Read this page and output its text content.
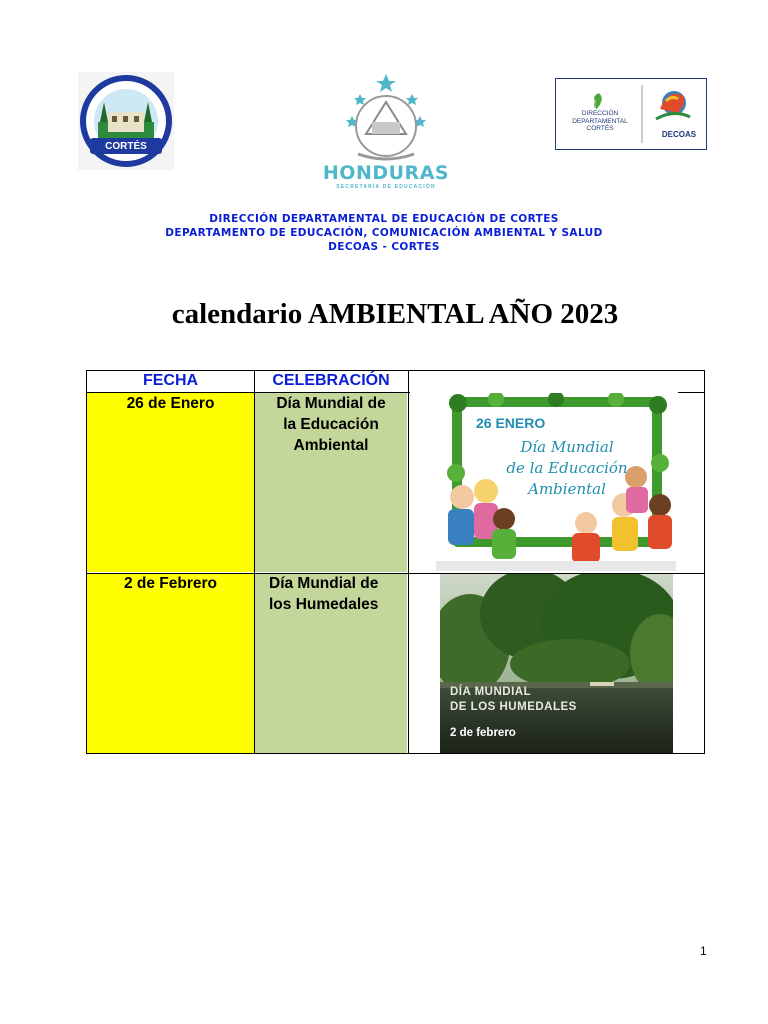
CORTÉS
HONDURAS
SECRETARÍA DE EDUCACIÓN
DIRECCIÓN
DEPARTAMENTAL
CORTÉS
DECOAS
DIRECCIÓN DEPARTAMENTAL DE EDUCACIÓN DE CORTES
DEPARTAMENTO DE EDUCACIÓN, COMUNICACIÓN AMBIENTAL Y SALUD
DECOAS - CORTES
calendario AMBIENTAL AÑO 2023
FECHA	CELEBRACIÓN
26 de Enero	Día Mundial de
la Educación
Ambiental
2 de Febrero	Día Mundial de
los Humedales
26 ENERO
Día Mundial
de la Educación
Ambiental
DÍA MUNDIAL
DE LOS HUMEDALES
2 de febrero
1
